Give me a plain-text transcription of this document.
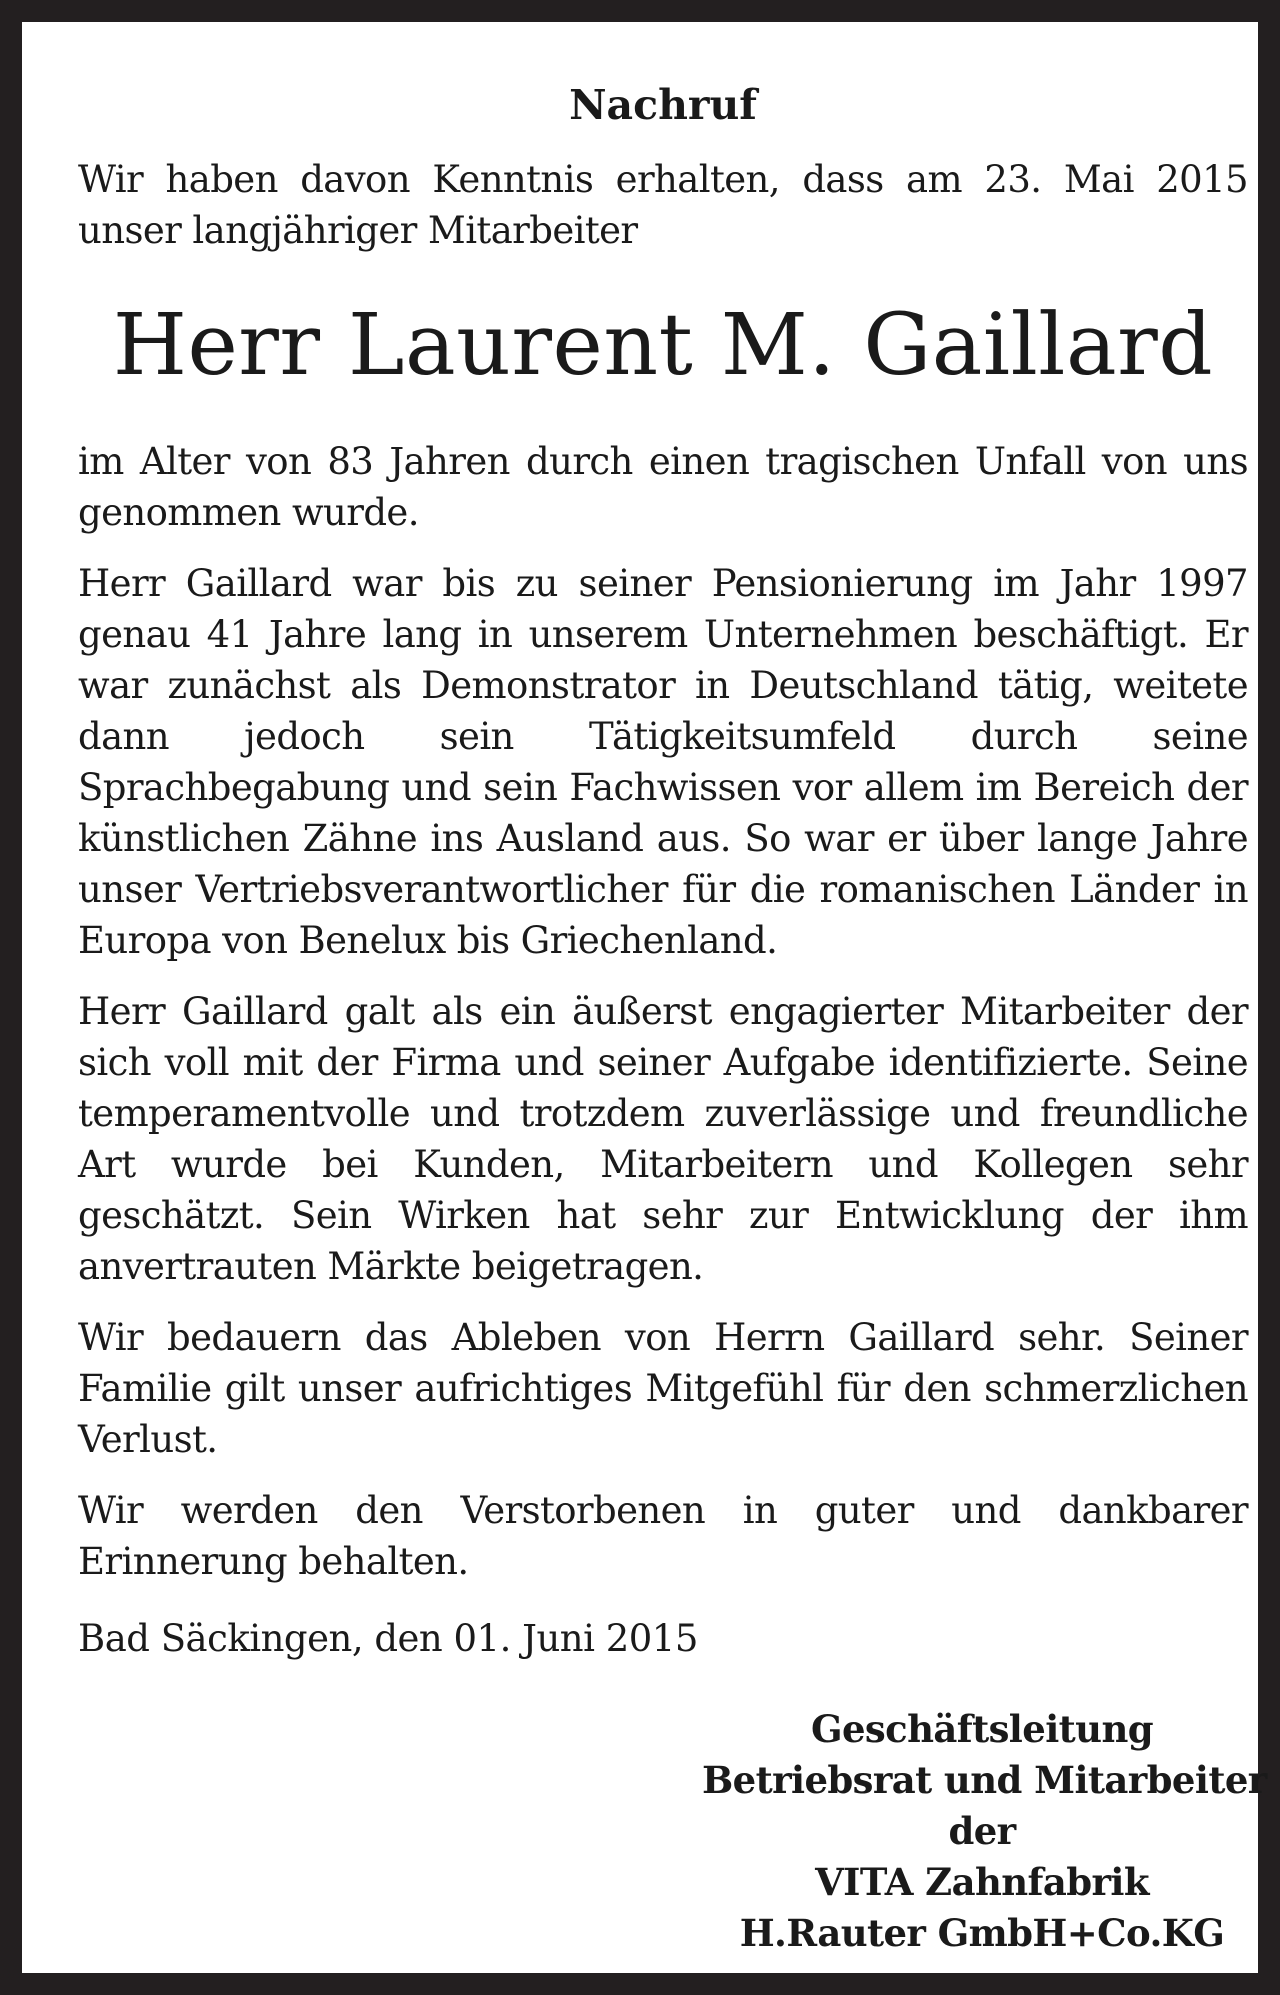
Nachruf

Wir haben davon Kenntnis erhalten, dass am 23. Mai 2015 unser langjähriger Mitarbeiter

Herr Laurent M. Gaillard

im Alter von 83 Jahren durch einen tragischen Unfall von uns genommen wurde.

Herr Gaillard war bis zu seiner Pensionierung im Jahr 1997 genau 41 Jahre lang in unserem Unternehmen beschäftigt. Er war zunächst als Demonstrator in Deutschland tätig, weitete dann jedoch sein Tätigkeitsumfeld durch seine Sprachbegabung und sein Fachwissen vor allem im Bereich der künstlichen Zähne ins Ausland aus. So war er über lange Jahre unser Vertriebsverantwortlicher für die romanischen Länder in Europa von Benelux bis Griechenland.

Herr Gaillard galt als ein äußerst engagierter Mitarbeiter der sich voll mit der Firma und seiner Aufgabe identifizierte. Seine temperamentvolle und trotzdem zuverlässige und freundliche Art wurde bei Kunden, Mitarbeitern und Kollegen sehr geschätzt. Sein Wirken hat sehr zur Entwicklung der ihm anvertrauten Märkte beigetragen.

Wir bedauern das Ableben von Herrn Gaillard sehr. Seiner Familie gilt unser aufrichtiges Mitgefühl für den schmerzlichen Verlust.

Wir werden den Verstorbenen in guter und dankbarer Erinnerung behalten.

Bad Säckingen, den 01. Juni 2015
Geschäftsleitung
Betriebsrat und Mitarbeiter
der
VITA Zahnfabrik
H.Rauter GmbH+Co.KG
